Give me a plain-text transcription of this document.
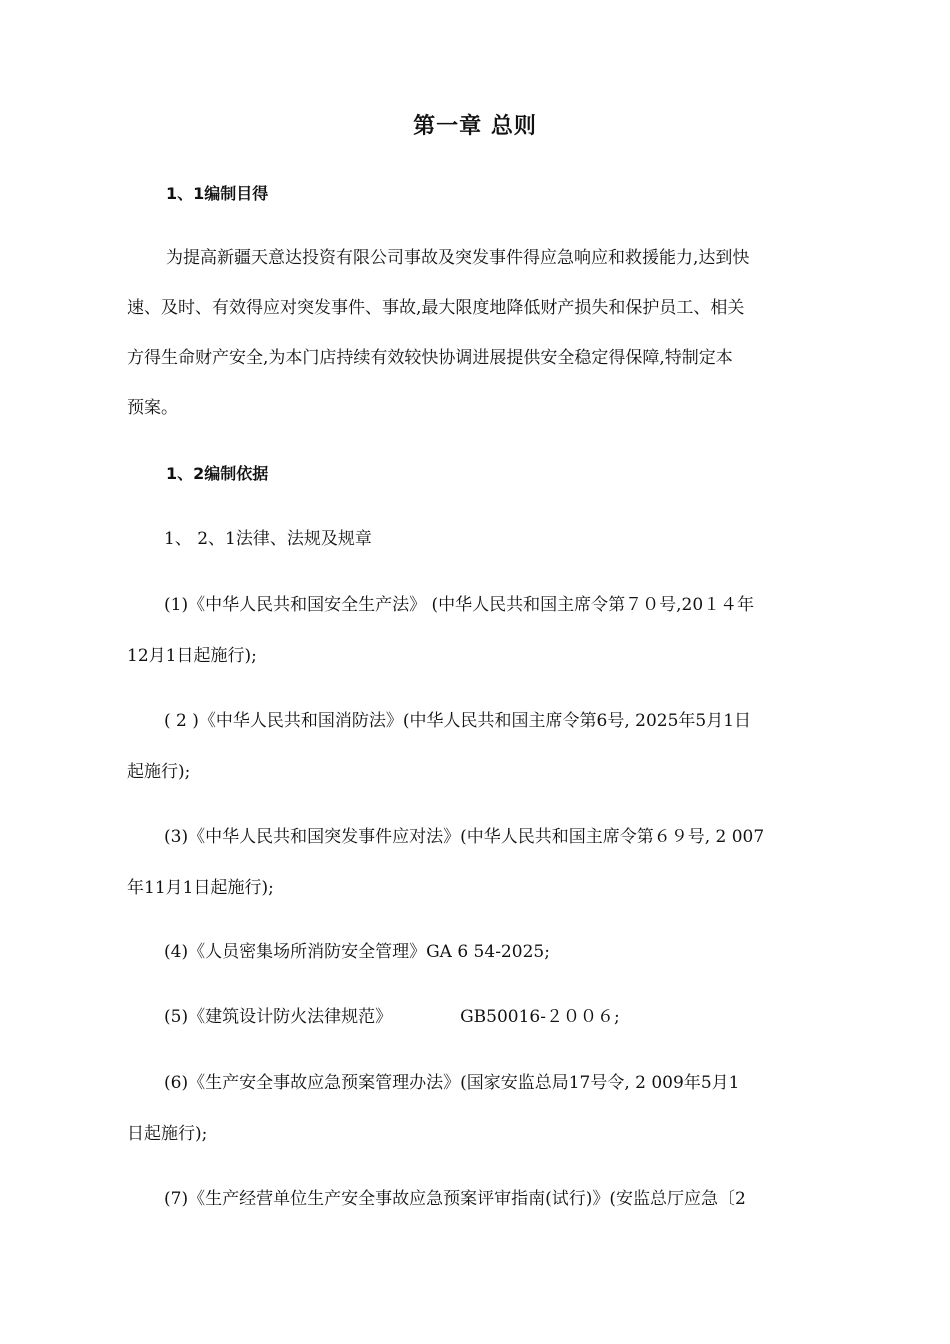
第一章 总则
1、1编制目得
为提高新疆天意达投资有限公司事故及突发事件得应急响应和救援能力,达到快
速、及时、有效得应对突发事件、事故,最大限度地降低财产损失和保护员工、相关
方得生命财产安全,为本门店持续有效较快协调进展提供安全稳定得保障,特制定本
预案。
1、2编制依据
1、 2、1法律、法规及规章
(1)《中华人民共和国安全生产法》 (中华人民共和国主席令第７０号,20１４年
12月1日起施行);
( 2 )《中华人民共和国消防法》(中华人民共和国主席令第6号, 2025年5月1日
起施行);
(3)《中华人民共和国突发事件应对法》(中华人民共和国主席令第６９号, 2 007
年11月1日起施行);
(4)《人员密集场所消防安全管理》GA 6 54-2025;
(5)《建筑设计防火法律规范》	GB50016-２００６;
(6)《生产安全事故应急预案管理办法》(国家安监总局17号令, 2 009年5月1
日起施行);
(7)《生产经营单位生产安全事故应急预案评审指南(试行)》(安监总厅应急〔2
